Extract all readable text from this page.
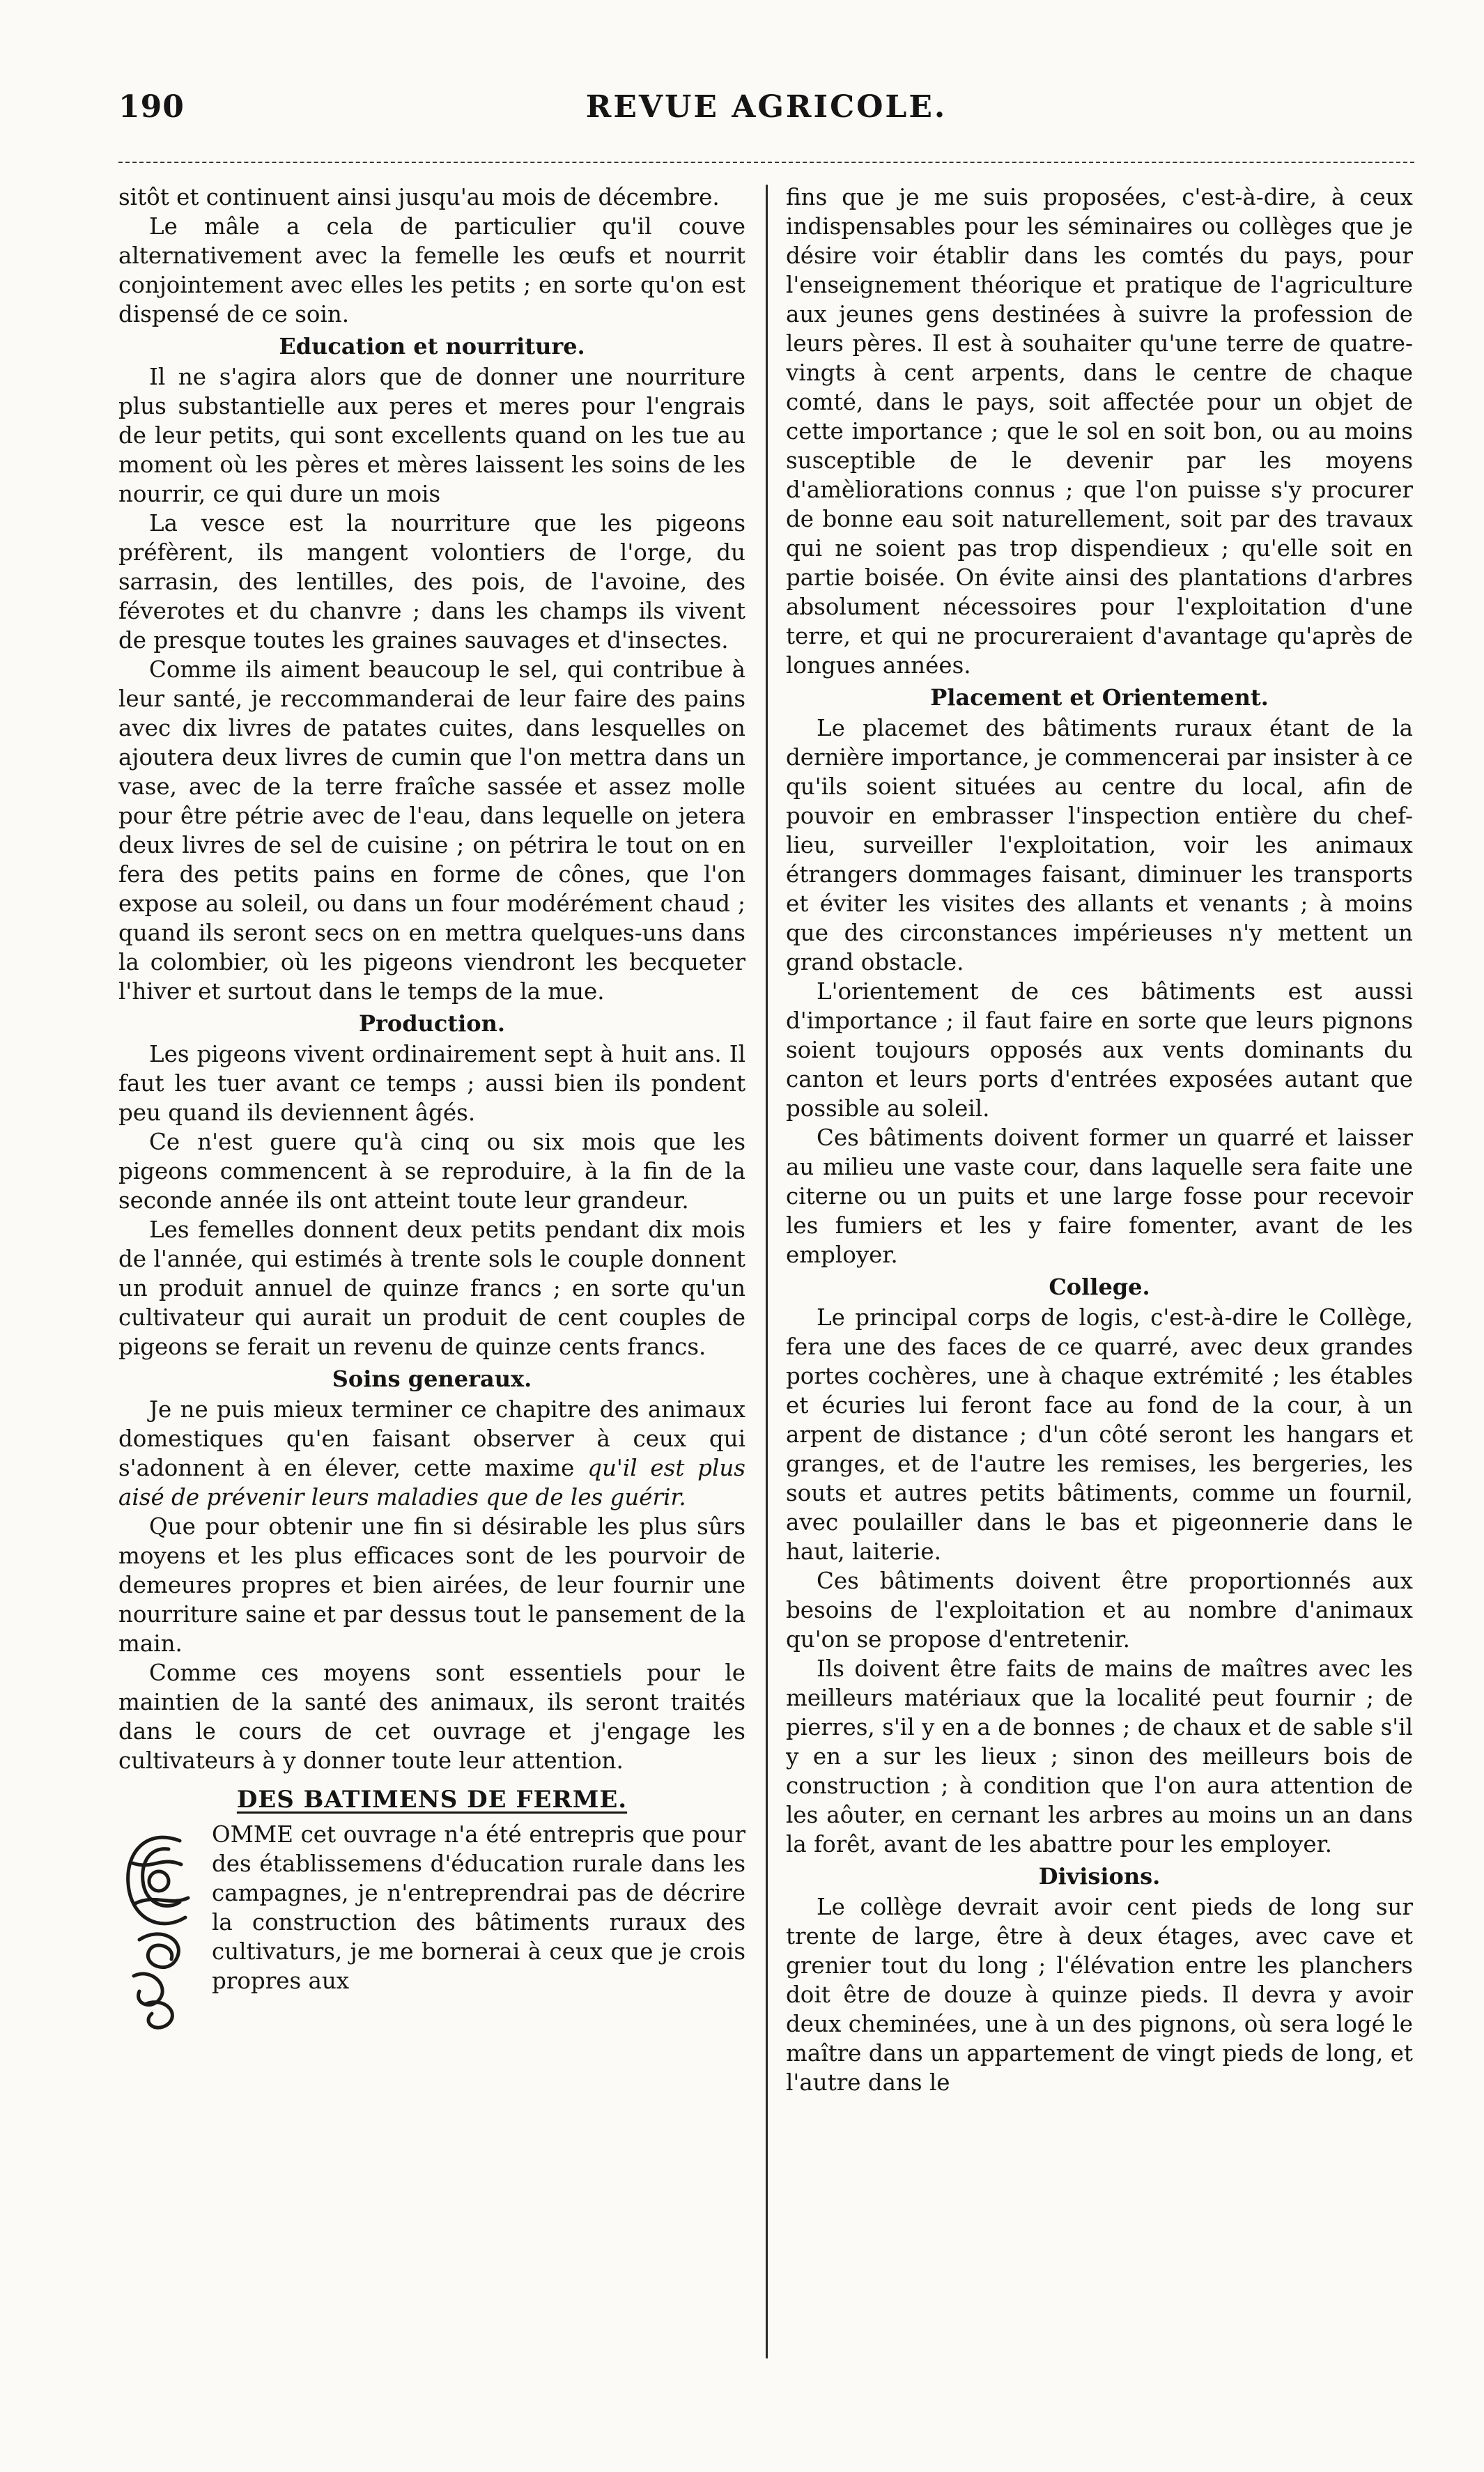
190	REVUE AGRICOLE.

sitôt et continuent ainsi jusqu'au mois de décembre.

Le mâle a cela de particulier qu'il couve alternativement avec la femelle les œufs et nourrit conjointement avec elles les petits ; en sorte qu'on est dispensé de ce soin.

Education et nourriture.

Il ne s'agira alors que de donner une nourriture plus substantielle aux peres et meres pour l'engrais de leur petits, qui sont excellents quand on les tue au moment où les pères et mères laissent les soins de les nourrir, ce qui dure un mois

La vesce est la nourriture que les pigeons préfèrent, ils mangent volontiers de l'orge, du sarrasin, des lentilles, des pois, de l'avoine, des féverotes et du chanvre ; dans les champs ils vivent de presque toutes les graines sauvages et d'insectes.

Comme ils aiment beaucoup le sel, qui contribue à leur santé, je reccommanderai de leur faire des pains avec dix livres de patates cuites, dans lesquelles on ajoutera deux livres de cumin que l'on mettra dans un vase, avec de la terre fraîche sassée et assez molle pour être pétrie avec de l'eau, dans lequelle on jetera deux livres de sel de cuisine ; on pétrira le tout on en fera des petits pains en forme de cônes, que l'on expose au soleil, ou dans un four modérément chaud ; quand ils seront secs on en mettra quelques-uns dans la colombier, où les pigeons viendront les becqueter l'hiver et surtout dans le temps de la mue.

Production.

Les pigeons vivent ordinairement sept à huit ans. Il faut les tuer avant ce temps ; aussi bien ils pondent peu quand ils deviennent âgés.

Ce n'est guere qu'à cinq ou six mois que les pigeons commencent à se reproduire, à la fin de la seconde année ils ont atteint toute leur grandeur.

Les femelles donnent deux petits pendant dix mois de l'année, qui estimés à trente sols le couple donnent un produit annuel de quinze francs ; en sorte qu'un cultivateur qui aurait un produit de cent couples de pigeons se ferait un revenu de quinze cents francs.

Soins generaux.

Je ne puis mieux terminer ce chapitre des animaux domestiques qu'en faisant observer à ceux qui s'adonnent à en élever, cette maxime qu'il est plus aisé de prévenir leurs maladies que de les guérir.

Que pour obtenir une fin si désirable les plus sûrs moyens et les plus efficaces sont de les pourvoir de demeures propres et bien airées, de leur fournir une nourriture saine et par dessus tout le pansement de la main.

Comme ces moyens sont essentiels pour le maintien de la santé des animaux, ils seront traités dans le cours de cet ouvrage et j'engage les cultivateurs à y donner toute leur attention.

DES BATIMENS DE FERME.

OMME cet ouvrage n'a été entrepris que pour des établissemens d'éducation rurale dans les campagnes, je n'entreprendrai pas de décrire la construction des bâtiments ruraux des cultivaturs, je me bornerai à ceux que je crois propres aux

fins que je me suis proposées, c'est-à-dire, à ceux indispensables pour les séminaires ou collèges que je désire voir établir dans les comtés du pays, pour l'enseignement théorique et pratique de l'agriculture aux jeunes gens destinées à suivre la profession de leurs pères. Il est à souhaiter qu'une terre de quatre-vingts à cent arpents, dans le centre de chaque comté, dans le pays, soit affectée pour un objet de cette importance ; que le sol en soit bon, ou au moins susceptible de le devenir par les moyens d'amèliorations connus ; que l'on puisse s'y procurer de bonne eau soit naturellement, soit par des travaux qui ne soient pas trop dispendieux ; qu'elle soit en partie boisée. On évite ainsi des plantations d'arbres absolument nécessoires pour l'exploitation d'une terre, et qui ne procureraient d'avantage qu'après de longues années.

Placement et Orientement.

Le placemet des bâtiments ruraux étant de la dernière importance, je commencerai par insister à ce qu'ils soient situées au centre du local, afin de pouvoir en embrasser l'inspection entière du chef-lieu, surveiller l'exploitation, voir les animaux étrangers dommages faisant, diminuer les transports et éviter les visites des allants et venants ; à moins que des circonstances impérieuses n'y mettent un grand obstacle.

L'orientement de ces bâtiments est aussi d'importance ; il faut faire en sorte que leurs pignons soient toujours opposés aux vents dominants du canton et leurs ports d'entrées exposées autant que possible au soleil.

Ces bâtiments doivent former un quarré et laisser au milieu une vaste cour, dans laquelle sera faite une citerne ou un puits et une large fosse pour recevoir les fumiers et les y faire fomenter, avant de les employer.

College.

Le principal corps de logis, c'est-à-dire le Collège, fera une des faces de ce quarré, avec deux grandes portes cochères, une à chaque extrémité ; les étables et écuries lui feront face au fond de la cour, à un arpent de distance ; d'un côté seront les hangars et granges, et de l'autre les remises, les bergeries, les souts et autres petits bâtiments, comme un fournil, avec poulailler dans le bas et pigeonnerie dans le haut, laiterie.

Ces bâtiments doivent être proportionnés aux besoins de l'exploitation et au nombre d'animaux qu'on se propose d'entretenir.

Ils doivent être faits de mains de maîtres avec les meilleurs matériaux que la localité peut fournir ; de pierres, s'il y en a de bonnes ; de chaux et de sable s'il y en a sur les lieux ; sinon des meilleurs bois de construction ; à condition que l'on aura attention de les aôuter, en cernant les arbres au moins un an dans la forêt, avant de les abattre pour les employer.

Divisions.

Le collège devrait avoir cent pieds de long sur trente de large, être à deux étages, avec cave et grenier tout du long ; l'élévation entre les planchers doit être de douze à quinze pieds. Il devra y avoir deux cheminées, une à un des pignons, où sera logé le maître dans un appartement de vingt pieds de long, et l'autre dans le
